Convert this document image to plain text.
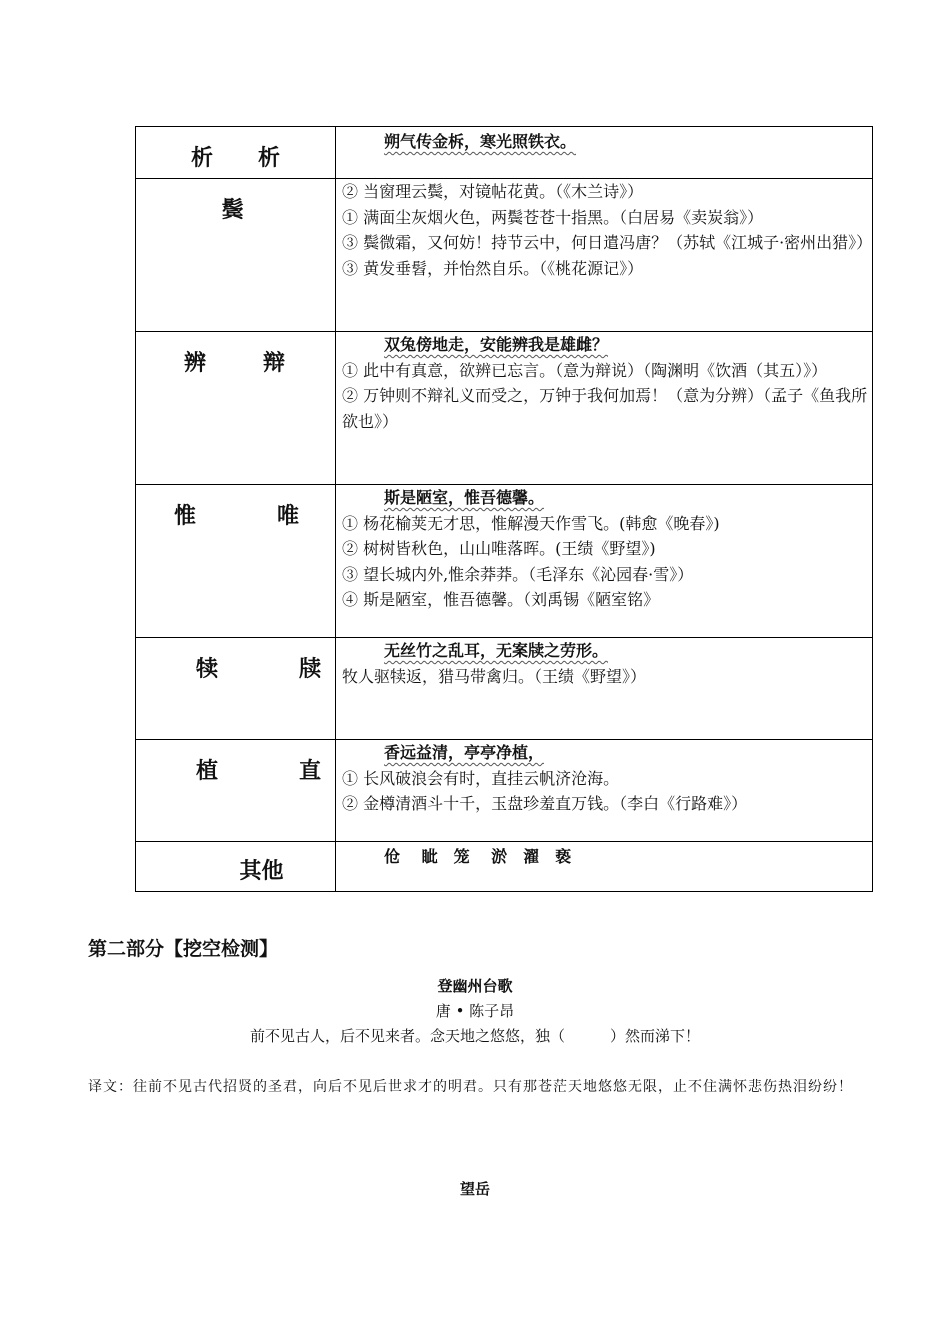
析 析	朔气传金柝，寒光照铁衣。

鬓	② 当窗理云鬓，对镜帖花黄。（《木兰诗》）
① 满面尘灰烟火色，两鬓苍苍十指黑。（白居易《卖炭翁》）
③ 鬓微霜，又何妨！持节云中，何日遣冯唐？（苏轼《江城子·密州出猎》）
③ 黄发垂髫，并怡然自乐。（《桃花源记》）

辨 辩	双兔傍地走，安能辨我是雄雌？
① 此中有真意，欲辨已忘言。（意为辩说）（陶渊明《饮酒（其五）》）
② 万钟则不辩礼义而受之，万钟于我何加焉！（意为分辨）（孟子《鱼我所欲也》）

惟 唯	斯是陋室，惟吾德馨。
① 杨花榆荚无才思，惟解漫天作雪飞。(韩愈《晚春》)
② 树树皆秋色，山山唯落晖。(王绩《野望》)
③ 望长城内外,惟余莽莽。（毛泽东《沁园春·雪》）
④ 斯是陋室，惟吾德馨。（刘禹锡《陋室铭》

犊 牍	无丝竹之乱耳，无案牍之劳形。
牧人驱犊返，猎马带禽归。（王绩《野望》）

植 直	香远益清，亭亭净植，
① 长风破浪会有时，直挂云帆济沧海。
② 金樽清酒斗十千，玉盘珍羞直万钱。（李白《行路难》）

其他	伧　 眦　笼　 淤　濯　亵
第二部分【挖空检测】
登幽州台歌
唐 • 陈子昂
前不见古人，后不见来者。念天地之悠悠，独（　　　）然而涕下！
译文：往前不见古代招贤的圣君，向后不见后世求才的明君。只有那苍茫天地悠悠无限，止不住满怀悲伤热泪纷纷！
望岳
